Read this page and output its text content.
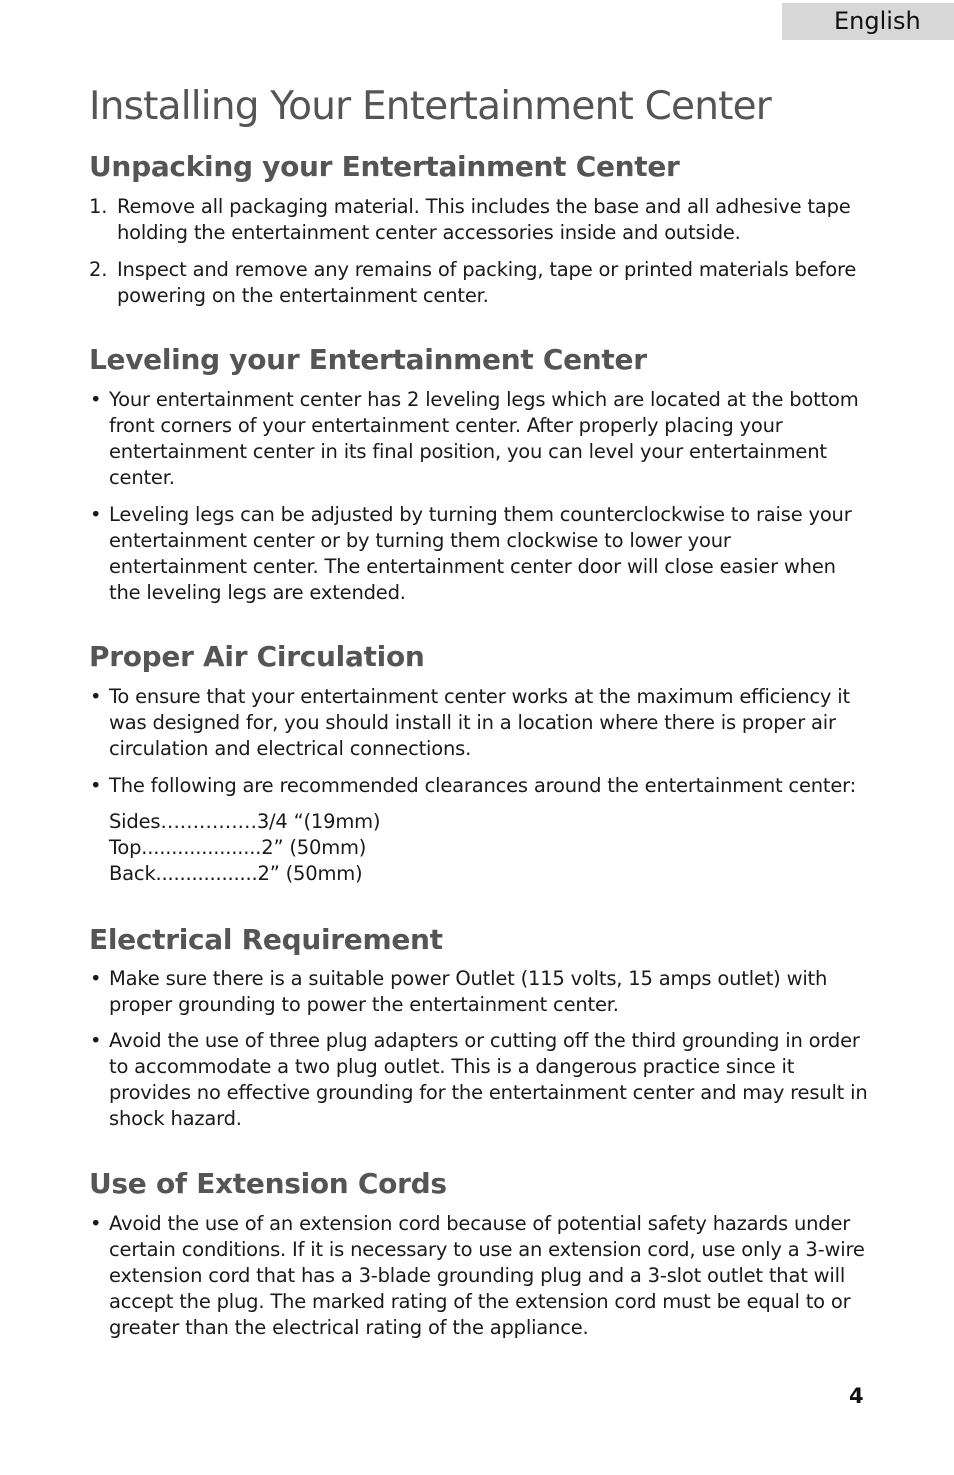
English
Installing Your Entertainment Center
Unpacking your Entertainment Center
1. Remove all packaging material. This includes the base and all adhesive tape holding the entertainment center accessories inside and outside.
2. Inspect and remove any remains of packing, tape or printed materials before powering on the entertainment center.
Leveling your Entertainment Center
• Your entertainment center has 2 leveling legs which are located at the bottom front corners of your entertainment center. After properly placing your entertainment center in its final position, you can level your entertainment center.
• Leveling legs can be adjusted by turning them counterclockwise to raise your entertainment center or by turning them clockwise to lower your entertainment center. The entertainment center door will close easier when the leveling legs are extended.
Proper Air Circulation
• To ensure that your entertainment center works at the maximum efficiency it was designed for, you should install it in a location where there is proper air circulation and electrical connections.
• The following are recommended clearances around the entertainment center:
Sides……………3/4 “(19mm)
Top....................2” (50mm)
Back.................2” (50mm)
Electrical Requirement
• Make sure there is a suitable power Outlet (115 volts, 15 amps outlet) with proper grounding to power the entertainment center.
• Avoid the use of three plug adapters or cutting off the third grounding in order to accommodate a two plug outlet. This is a dangerous practice since it provides no effective grounding for the entertainment center and may result in shock hazard.
Use of Extension Cords
• Avoid the use of an extension cord because of potential safety hazards under certain conditions. If it is necessary to use an extension cord, use only a 3-wire extension cord that has a 3-blade grounding plug and a 3-slot outlet that will accept the plug. The marked rating of the extension cord must be equal to or greater than the electrical rating of the appliance.
4
